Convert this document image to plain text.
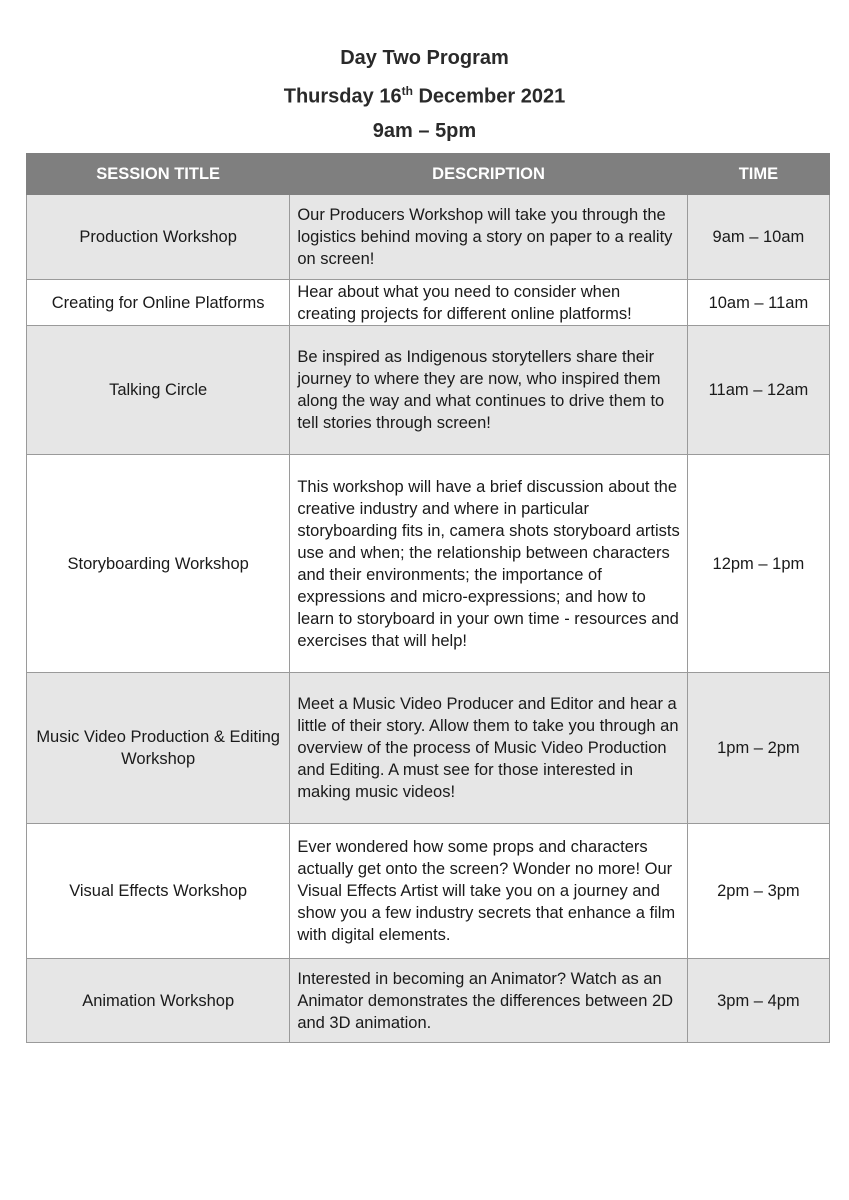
Day Two Program
Thursday 16th December 2021
9am – 5pm
SESSION TITLE	DESCRIPTION	TIME
Production Workshop	Our Producers Workshop will take you through the logistics behind moving a story on paper to a reality on screen!	9am – 10am
Creating for Online Platforms	Hear about what you need to consider when creating projects for different online platforms!	10am – 11am
Talking Circle	Be inspired as Indigenous storytellers share their journey to where they are now, who inspired them along the way and what continues to drive them to tell stories through screen!	11am – 12am
Storyboarding Workshop	This workshop will have a brief discussion about the creative industry and where in particular storyboarding fits in, camera shots storyboard artists use and when; the relationship between characters and their environments; the importance of expressions and micro-expressions; and how to learn to storyboard in your own time - resources and exercises that will help!	12pm – 1pm
Music Video Production & Editing Workshop	Meet a Music Video Producer and Editor and hear a little of their story. Allow them to take you through an overview of the process of Music Video Production and Editing. A must see for those interested in making music videos!	1pm – 2pm
Visual Effects Workshop	Ever wondered how some props and characters actually get onto the screen? Wonder no more! Our Visual Effects Artist will take you on a journey and show you a few industry secrets that enhance a film with digital elements.	2pm – 3pm
Animation Workshop	Interested in becoming an Animator? Watch as an Animator demonstrates the differences between 2D and 3D animation.	3pm – 4pm
